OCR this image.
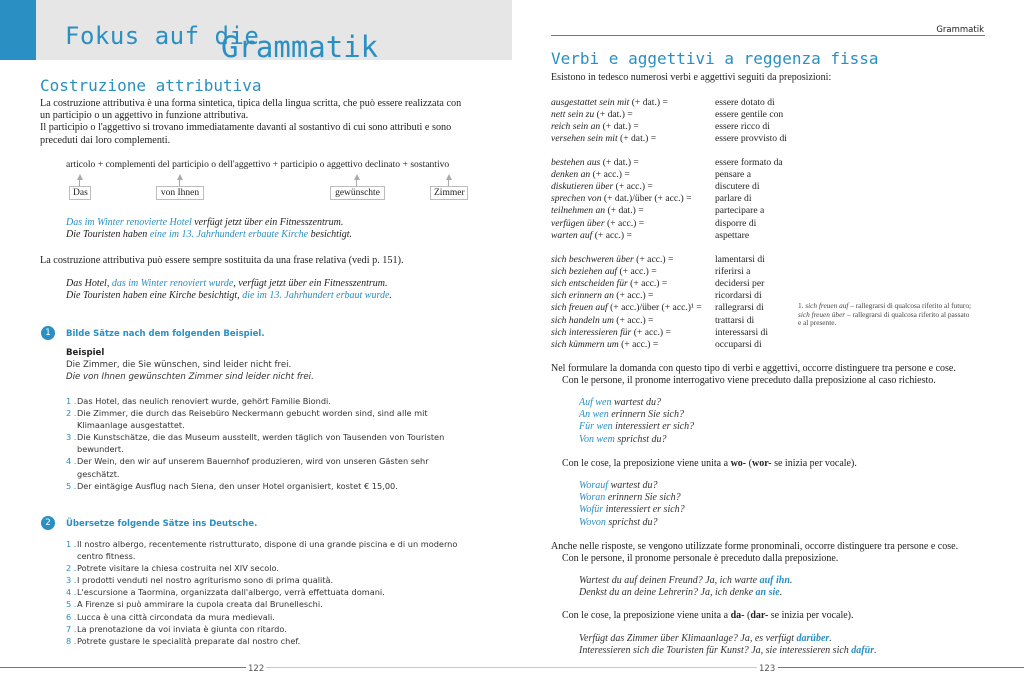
Fokus auf die
Grammatik
Costruzione attributiva
La costruzione attributiva è una forma sintetica, tipica della lingua scritta, che può essere realizzata con
un participio o un aggettivo in funzione attributiva.
Il participio o l'aggettivo si trovano immediatamente davanti al sostantivo di cui sono attributi e sono
preceduti dai loro complementi.
articolo + complementi del participio o dell'aggettivo + participio o aggettivo declinato + sostantivo
Das	von Ihnen	gewünschte	Zimmer
Das im Winter renovierte Hotel verfügt jetzt über ein Fitnesszentrum.
Die Touristen haben eine im 13. Jahrhundert erbaute Kirche besichtigt.
La costruzione attributiva può essere sempre sostituita da una frase relativa (vedi p. 151).
Das Hotel, das im Winter renoviert wurde, verfügt jetzt über ein Fitnesszentrum.
Die Touristen haben eine Kirche besichtigt, die im 13. Jahrhundert erbaut wurde.
1	Bilde Sätze nach dem folgenden Beispiel.
Beispiel
Die Zimmer, die Sie wünschen, sind leider nicht frei.
Die von Ihnen gewünschten Zimmer sind leider nicht frei.
1 . Das Hotel, das neulich renoviert wurde, gehört Familie Biondi.
2 . Die Zimmer, die durch das Reisebüro Neckermann gebucht worden sind, sind alle mit Klimaanlage ausgestattet.
3 . Die Kunstschätze, die das Museum ausstellt, werden täglich von Tausenden von Touristen bewundert.
4 . Der Wein, den wir auf unserem Bauernhof produzieren, wird von unseren Gästen sehr geschätzt.
5 . Der eintägige Ausflug nach Siena, den unser Hotel organisiert, kostet € 15,00.
2	Übersetze folgende Sätze ins Deutsche.
1 . Il nostro albergo, recentemente ristrutturato, dispone di una grande piscina e di un moderno centro fitness.
2 . Potrete visitare la chiesa costruita nel XIV secolo.
3 . I prodotti venduti nel nostro agriturismo sono di prima qualità.
4 . L'escursione a Taormina, organizzata dall'albergo, verrà effettuata domani.
5 . A Firenze si può ammirare la cupola creata dal Brunelleschi.
6 . Lucca è una città circondata da mura medievali.
7 . La prenotazione da voi inviata è giunta con ritardo.
8 . Potrete gustare le specialità preparate dal nostro chef.
122
Grammatik
Verbi e aggettivi a reggenza fissa
Esistono in tedesco numerosi verbi e aggettivi seguiti da preposizioni:
ausgestattet sein mit (+ dat.) =	essere dotato di
nett sein zu (+ dat.) =	essere gentile con
reich sein an (+ dat.) =	essere ricco di
versehen sein mit (+ dat.) =	essere provvisto di
bestehen aus (+ dat.) =	essere formato da
denken an (+ acc.) =	pensare a
diskutieren über (+ acc.) =	discutere di
sprechen von (+ dat.)/über (+ acc.) = parlare di
teilnehmen an (+ dat.) =	partecipare a
verfügen über (+ acc.) =	disporre di
warten auf (+ acc.) =	aspettare
sich beschweren über (+ acc.) =	lamentarsi di
sich beziehen auf (+ acc.) =	riferirsi a
sich entscheiden für (+ acc.) =	decidersi per
sich erinnern an (+ acc.) =	ricordarsi di
sich freuen auf (+ acc.)/über (+ acc.)¹ = rallegrarsi di
sich handeln um (+ acc.) =	trattarsi di
sich interessieren für (+ acc.) =	interessarsi di
sich kümmern um (+ acc.) =	occuparsi di
1. sich freuen auf – rallegrarsi di qualcosa riferito al futuro;
sich freuen über – rallegrarsi di qualcosa riferito al passato
e al presente.
Nel formulare la domanda con questo tipo di verbi e aggettivi, occorre distinguere tra persone e cose.
Con le persone, il pronome interrogativo viene preceduto dalla preposizione al caso richiesto.
Auf wen wartest du?
An wen erinnern Sie sich?
Für wen interessiert er sich?
Von wem sprichst du?
Con le cose, la preposizione viene unita a wo- (wor- se inizia per vocale).
Worauf wartest du?
Woran erinnern Sie sich?
Wofür interessiert er sich?
Wovon sprichst du?
Anche nelle risposte, se vengono utilizzate forme pronominali, occorre distinguere tra persone e cose.
Con le persone, il pronome personale è preceduto dalla preposizione.
Wartest du auf deinen Freund? Ja, ich warte auf ihn.
Denkst du an deine Lehrerin? Ja, ich denke an sie.
Con le cose, la preposizione viene unita a da- (dar- se inizia per vocale).
Verfügt das Zimmer über Klimaanlage? Ja, es verfügt darüber.
Interessieren sich die Touristen für Kunst? Ja, sie interessieren sich dafür.
123
